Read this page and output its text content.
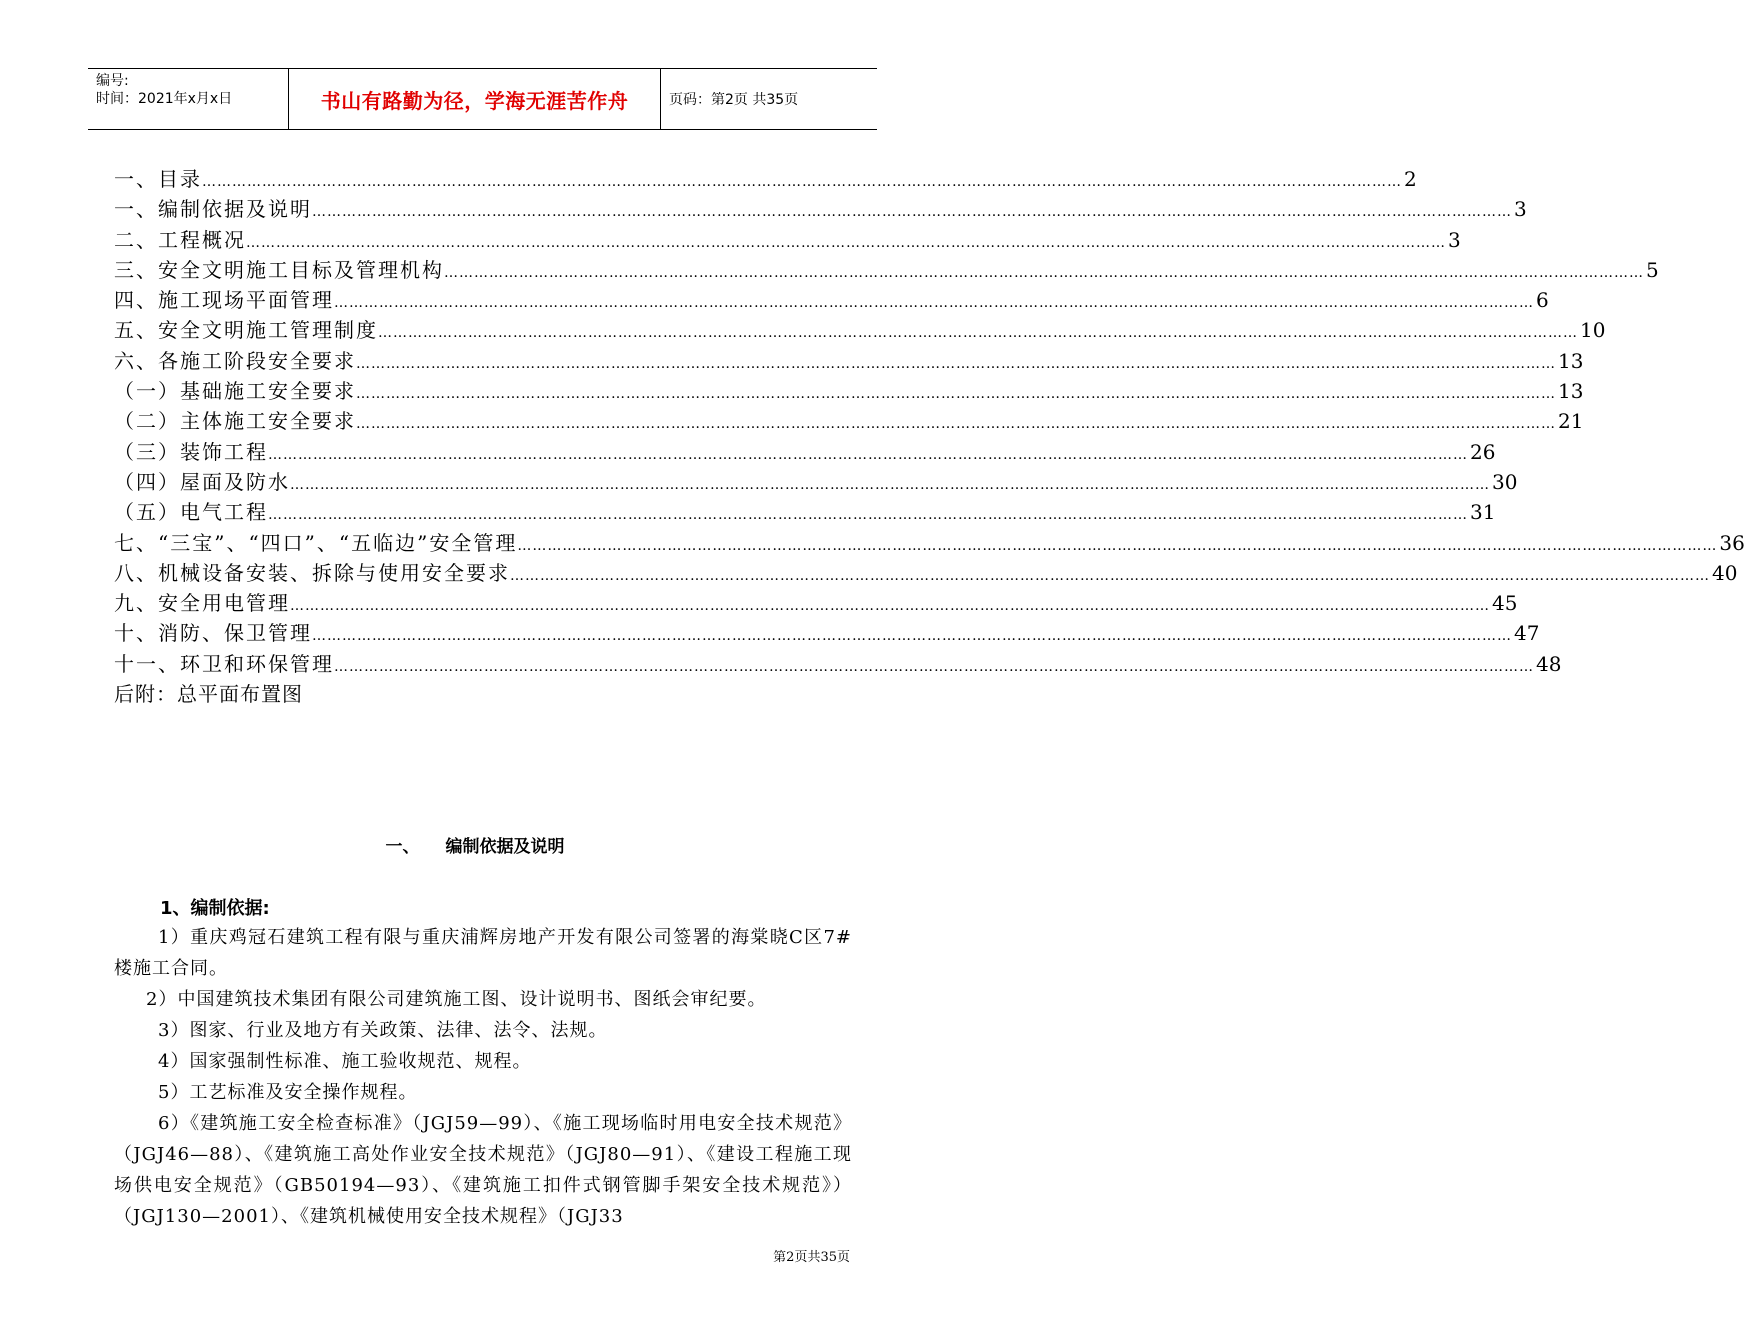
编号:
时间：2021年x月x日	书山有路勤为径，学海无涯苦作舟	页码：第2页 共35页
一、目录 …………………………………………………………………………………………………………………………………………………………………………………………………………………… 2
一、编制依据及说明 …………………………………………………………………………………………………………………………………………………………………………………………………………………… 3
二、工程概况 …………………………………………………………………………………………………………………………………………………………………………………………………………………… 3
三、安全文明施工目标及管理机构 …………………………………………………………………………………………………………………………………………………………………………………………………………………… 5
四、施工现场平面管理 …………………………………………………………………………………………………………………………………………………………………………………………………………………… 6
五、安全文明施工管理制度 …………………………………………………………………………………………………………………………………………………………………………………………………………………… 10
六、各施工阶段安全要求 …………………………………………………………………………………………………………………………………………………………………………………………………………………… 13
（一）基础施工安全要求 …………………………………………………………………………………………………………………………………………………………………………………………………………………… 13
（二）主体施工安全要求 …………………………………………………………………………………………………………………………………………………………………………………………………………………… 21
（三）装饰工程 …………………………………………………………………………………………………………………………………………………………………………………………………………………… 26
（四）屋面及防水 …………………………………………………………………………………………………………………………………………………………………………………………………………………… 30
（五）电气工程 …………………………………………………………………………………………………………………………………………………………………………………………………………………… 31
七、“三宝”、“四口”、“五临边”安全管理 …………………………………………………………………………………………………………………………………………………………………………………………………………………… 36
八、机械设备安装、拆除与使用安全要求 …………………………………………………………………………………………………………………………………………………………………………………………………………………… 40
九、安全用电管理 …………………………………………………………………………………………………………………………………………………………………………………………………………………… 45
十、消防、保卫管理 …………………………………………………………………………………………………………………………………………………………………………………………………………………… 47
十一、环卫和环保管理 …………………………………………………………………………………………………………………………………………………………………………………………………………………… 48
后附：总平面布置图
一、 编制依据及说明
1、编制依据:

1）重庆鸡冠石建筑工程有限与重庆浦辉房地产开发有限公司签署的海棠晓C区7#楼施工合同。

2）中国建筑技术集团有限公司建筑施工图、设计说明书、图纸会审纪要。

3）图家、行业及地方有关政策、法律、法令、法规。

4）国家强制性标准、施工验收规范、规程。

5）工艺标准及安全操作规程。

6）《建筑施工安全检查标准》（JGJ59—99）、《施工现场临时用电安全技术规范》（JGJ46—88）、《建筑施工高处作业安全技术规范》（JGJ80—91）、《建设工程施工现场供电安全规范》（GB50194—93）、《建筑施工扣件式钢管脚手架安全技术规范》）（JGJ130—2001）、《建筑机械使用安全技术规程》（JGJ33

第2页共35页
